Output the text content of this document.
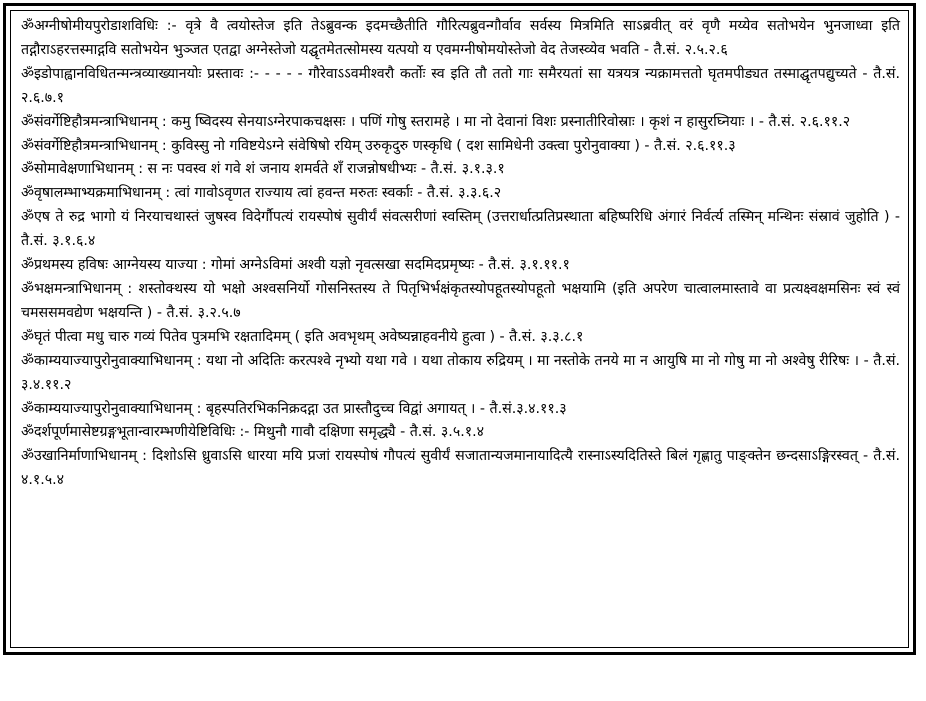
ॐअग्नीषोमीयपुरोडाशविधिः :- वृत्रे वै त्वयोस्तेज इति तेऽब्रुवन्क इदमच्छैतीति गौरित्यब्रुवन्गौर्वाव सर्वस्य मित्रमिति साऽब्रवीत् वरं वृणै मय्येव सतोभयेन भुनजाध्वा इति तद्गौराऽहरत्तस्माद्गवि सतोभयेन भुञ्जत एतद्वा अग्नेस्तेजो यद्घृतमेतत्सोमस्य यत्पयो य एवमग्नीषोमयोस्तेजो वेद तेजस्व्येव भवति - तै.सं. २.५.२.६

ॐइडोपाह्वानविधितन्मन्त्रव्याख्यानयोः प्रस्तावः :- - - - - गौरेवाऽऽवमीश्वरौ कर्तोः स्व इति तौ ततो गाः समैरयतां सा यत्रयत्र न्यक्रामत्ततो घृतमपीड्यत तस्माद्घृतपद्युच्यते - तै.सं. २.६.७.१

ॐसंवर्गेष्टिहौत्रमन्त्राभिधानम् : कमु ष्विदस्य सेनयाऽग्नेरपाकचक्षसः । पणिं गोषु स्तरामहे । मा नो देवानां विशः प्रस्नातीरिवोस्राः । कृशं न हासुरघ्नियाः । - तै.सं. २.६.११.२

ॐसंवर्गेष्टिहौत्रमन्त्राभिधानम् : कुविस्सु नो गविष्टयेऽग्ने संवेषिषो रयिम् उरुकृदुरु णस्कृधि ( दश सामिधेनी उक्त्वा पुरोनुवाक्या ) - तै.सं. २.६.११.३

ॐसोमावेक्षणाभिधानम् : स नः पवस्व शं गवे शं जनाय शमर्वते शँ राजन्नोषधीभ्यः - तै.सं. ३.१.३.१

ॐवृषालम्भाभ्यक्रमाभिधानम् : त्वां गावोऽवृणत राज्याय त्वां हवन्त मरुतः स्वर्काः - तै.सं. ३.३.६.२

ॐएष ते रुद्र भागो यं निरयाचथास्तं जुषस्व विदेर्गौपत्यं रायस्पोषं सुवीर्यं संवत्सरीणां स्वस्तिम् (उत्तरार्धात्प्रतिप्रस्थाता बहिष्परिधि अंगारं निर्वर्त्य तस्मिन् मन्थिनः संस्रावं जुहोति ) - तै.सं. ३.१.६.४

ॐप्रथमस्य हविषः आग्नेयस्य याज्या : गोमां अग्नेऽविमां अश्वी यज्ञो नृवत्सखा सदमिदप्रमृष्यः - तै.सं. ३.१.११.१

ॐभक्षमन्त्राभिधानम् : शस्तोक्थस्य यो भक्षो अश्वसनिर्यो गोसनिस्तस्य ते पितृभिर्भक्षंकृतस्योपहूतस्योपहूतो भक्षयामि (इति अपरेण चात्वालमास्तावे वा प्रत्यक्ष्वक्षमसिनः स्वं स्वं चमससमवद्येण भक्षयन्ति ) - तै.सं. ३.२.५.७

ॐघृतं पीत्वा मधु चारु गव्यं पितेव पुत्रमभि रक्षतादिमम् ( इति अवभृथम् अवेष्यन्नाहवनीये हुत्वा ) - तै.सं. ३.३.८.१

ॐकाम्ययाज्यापुरोनुवाक्याभिधानम् : यथा नो अदितिः करत्पश्वे नृभ्यो यथा गवे । यथा तोकाय रुद्रियम् । मा नस्तोके तनये मा न आयुषि मा नो गोषु मा नो अश्वेषु रीरिषः । - तै.सं. ३.४.११.२

ॐकाम्ययाज्यापुरोनुवाक्याभिधानम् : बृहस्पतिरभिकनिक्रदद्गा उत प्रास्तौदुच्च विद्वां अगायत् । - तै.सं.३.४.११.३

ॐदर्शपूर्णमासेष्टग्रङ्गभूतान्वारम्भणीयेष्टिविधिः :- मिथुनौ गावौ दक्षिणा समृद्ध्यै - तै.सं. ३.५.१.४

ॐउखानिर्माणाभिधानम् : दिशोऽसि ध्रुवाऽसि धारया मयि प्रजां रायस्पोषं गौपत्यं सुवीर्यं सजातान्यजमानायादित्यै रास्नाऽस्यदितिस्ते बिलं गृह्णातु पाङ्क्तेन छन्दसाऽङ्गिरस्वत् - तै.सं. ४.१.५.४
